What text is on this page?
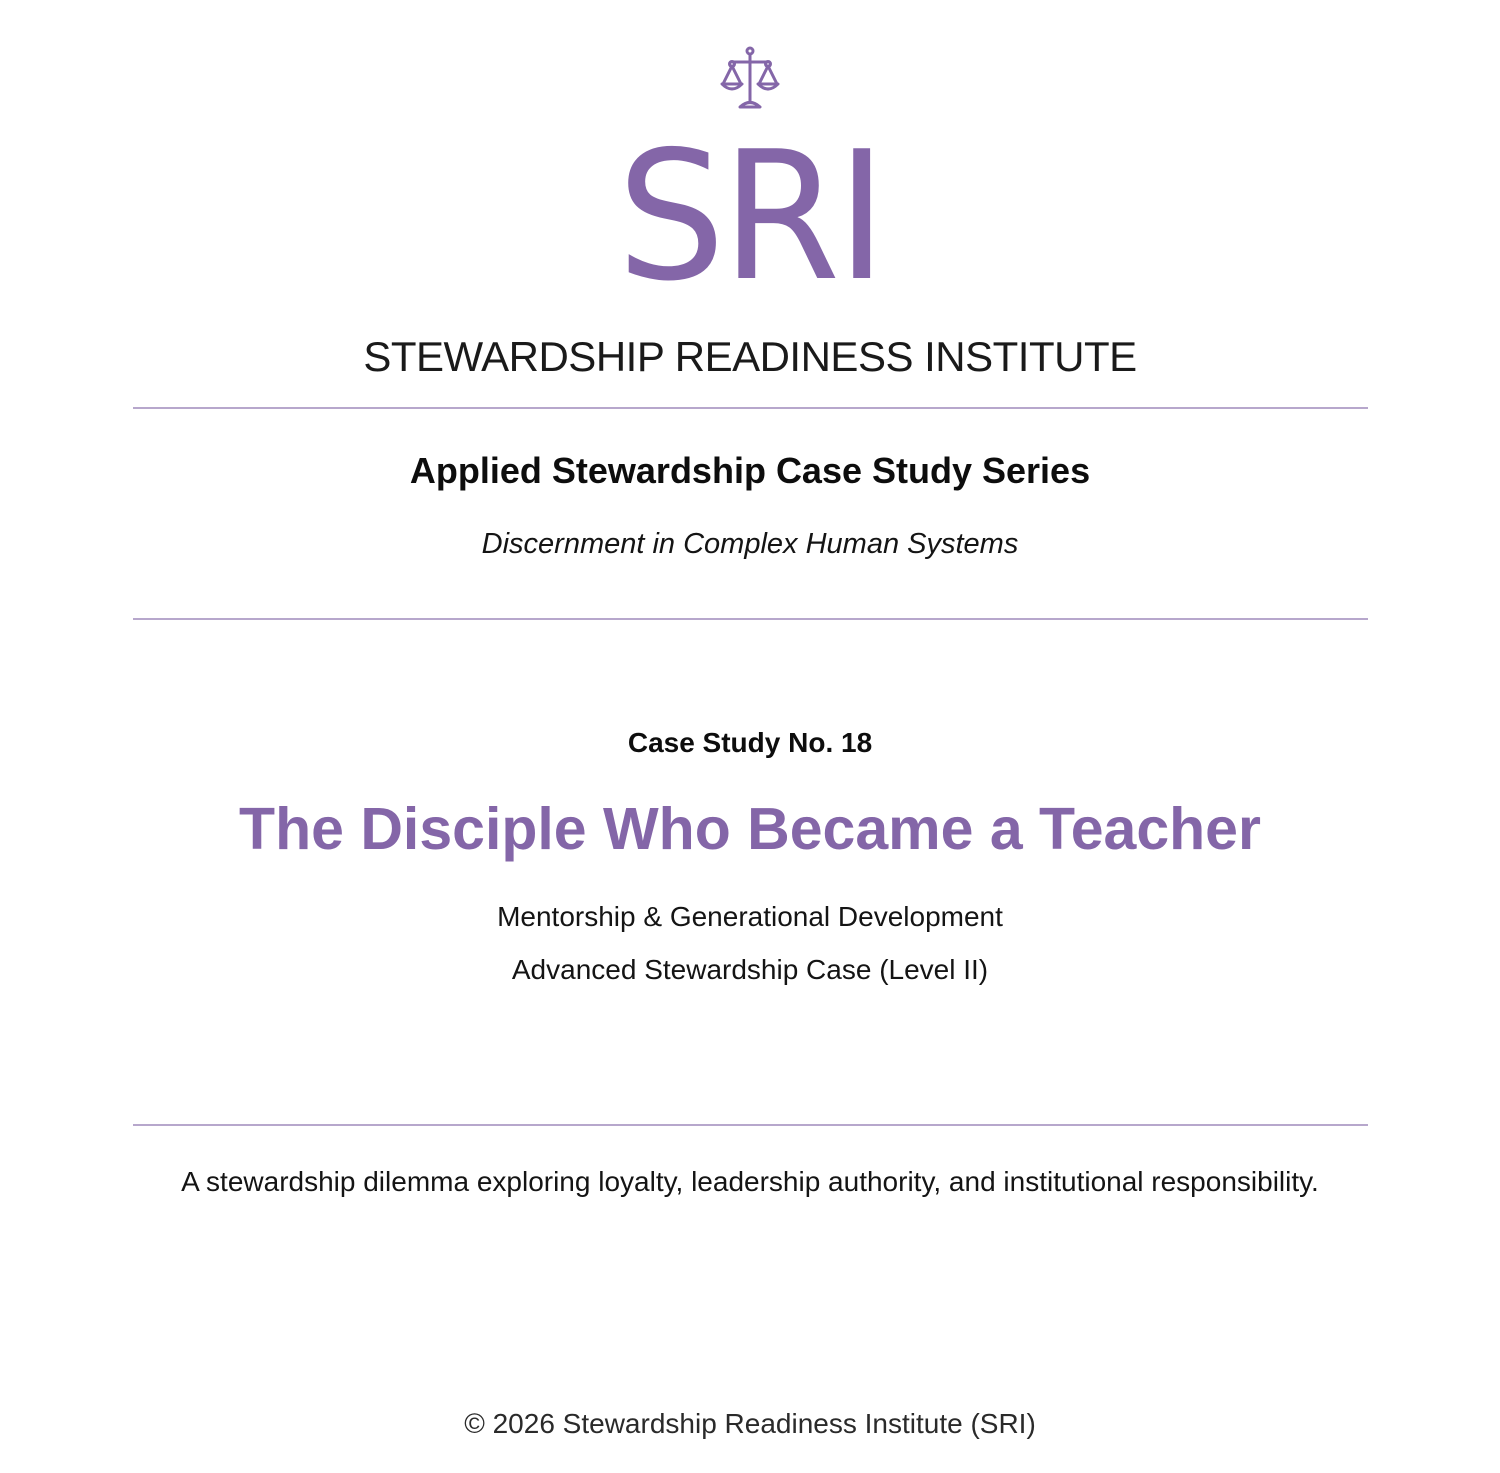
SRI
STEWARDSHIP READINESS INSTITUTE
Applied Stewardship Case Study Series
Discernment in Complex Human Systems
Case Study No. 18
The Disciple Who Became a Teacher
Mentorship & Generational Development
Advanced Stewardship Case (Level II)
A stewardship dilemma exploring loyalty, leadership authority, and institutional responsibility.
© 2026 Stewardship Readiness Institute (SRI)
